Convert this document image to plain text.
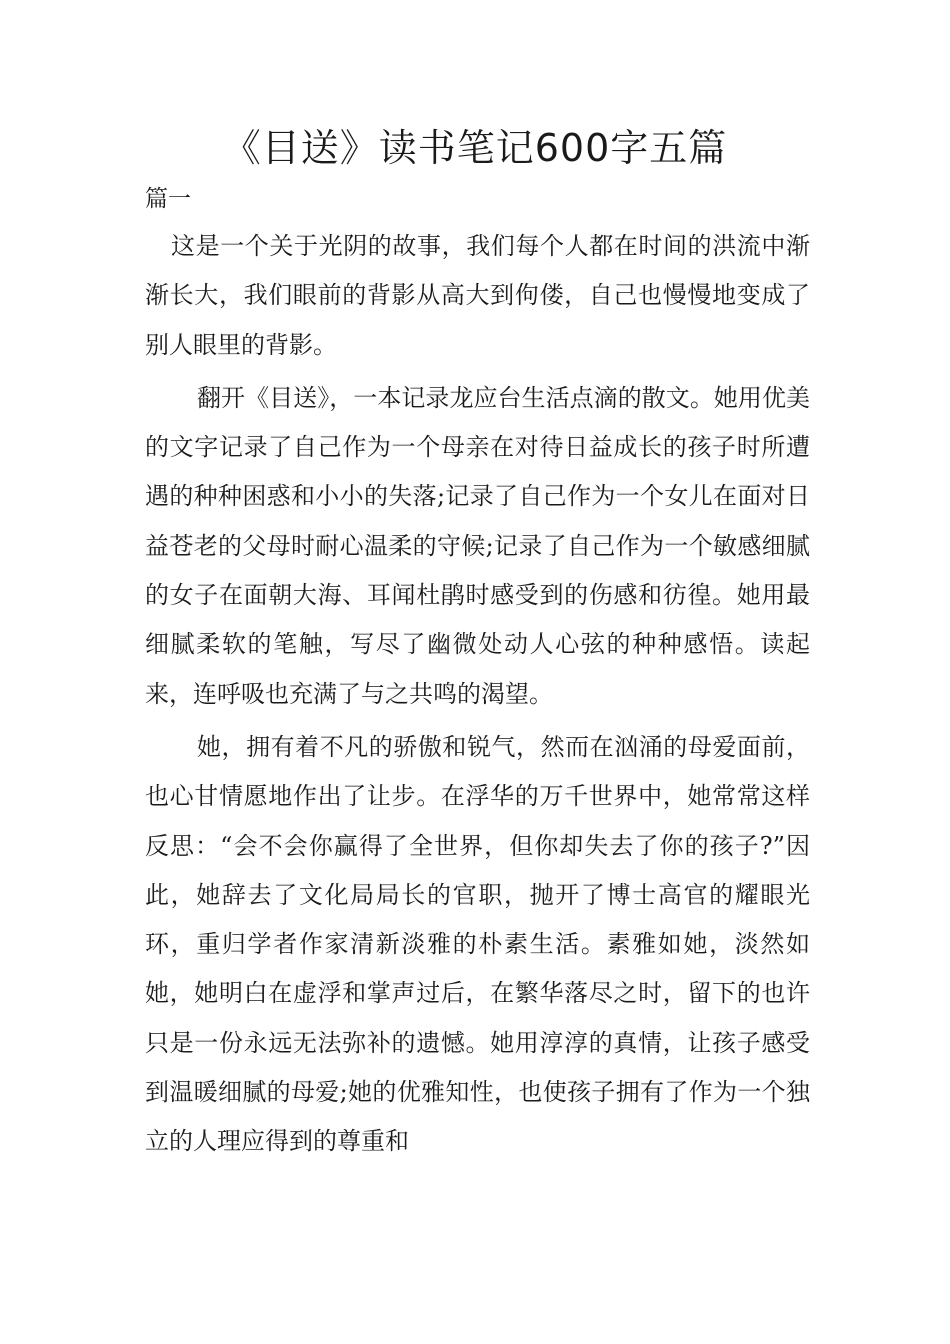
《目送》读书笔记600字五篇

篇一

这是一个关于光阴的故事，我们每个人都在时间的洪流中渐渐长大，我们眼前的背影从高大到佝偻，自己也慢慢地变成了别人眼里的背影。

翻开《目送》，一本记录龙应台生活点滴的散文。她用优美的文字记录了自己作为一个母亲在对待日益成长的孩子时所遭遇的种种困惑和小小的失落;记录了自己作为一个女儿在面对日益苍老的父母时耐心温柔的守候;记录了自己作为一个敏感细腻的女子在面朝大海、耳闻杜鹃时感受到的伤感和彷徨。她用最细腻柔软的笔触，写尽了幽微处动人心弦的种种感悟。读起来，连呼吸也充满了与之共鸣的渴望。

她，拥有着不凡的骄傲和锐气，然而在汹涌的母爱面前，也心甘情愿地作出了让步。在浮华的万千世界中，她常常这样反思：“会不会你赢得了全世界，但你却失去了你的孩子?”因此，她辞去了文化局局长的官职，抛开了博士高官的耀眼光环，重归学者作家清新淡雅的朴素生活。素雅如她，淡然如她，她明白在虚浮和掌声过后，在繁华落尽之时，留下的也许只是一份永远无法弥补的遗憾。她用淳淳的真情，让孩子感受到温暖细腻的母爱;她的优雅知性，也使孩子拥有了作为一个独立的人理应得到的尊重和
